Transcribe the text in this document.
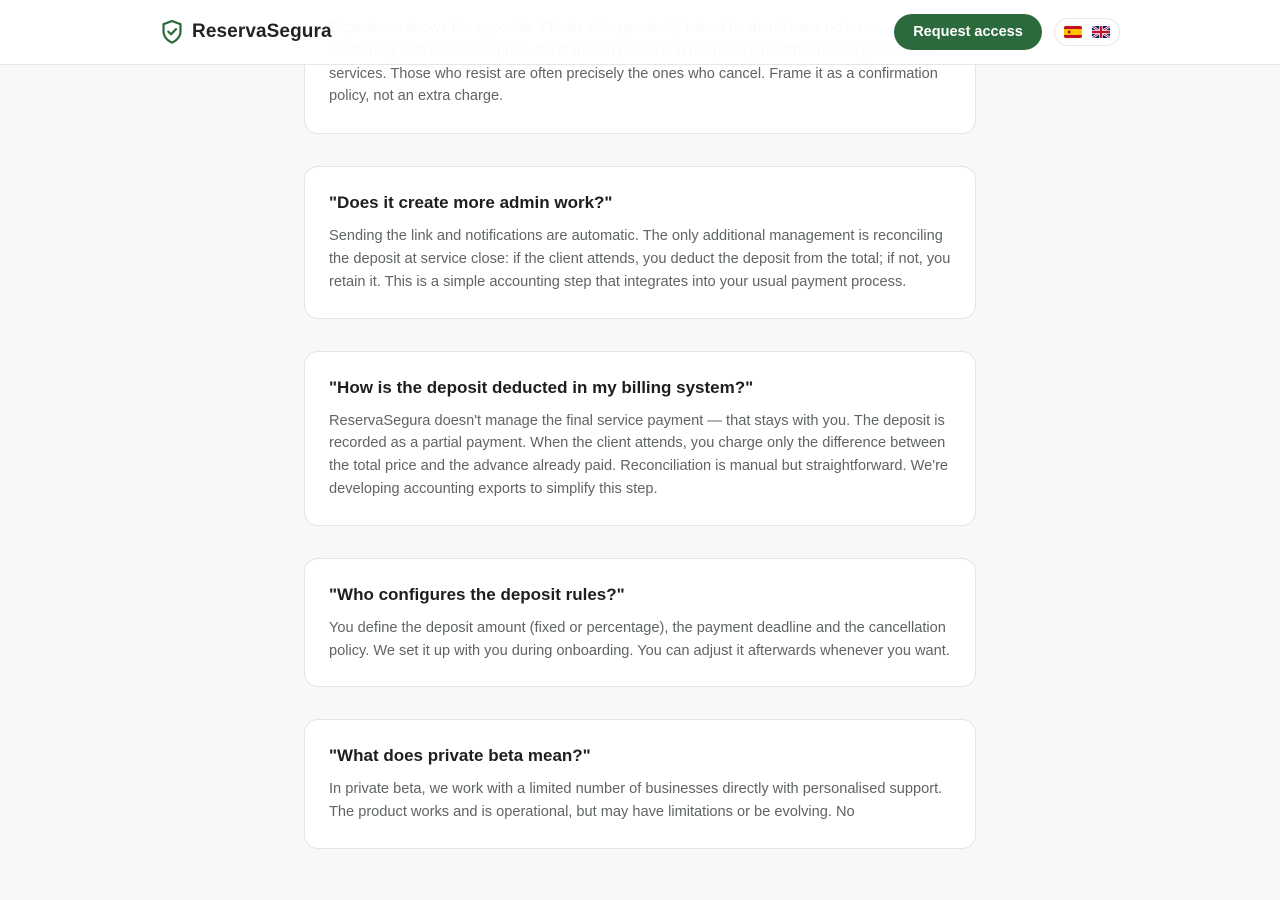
services. Those who resist are often precisely the ones who cancel. Frame it as a confirmation policy, not an extra charge.

"Does it create more admin work?"

Sending the link and notifications are automatic. The only additional management is reconciling the deposit at service close: if the client attends, you deduct the deposit from the total; if not, you retain it. This is a simple accounting step that integrates into your usual payment process.

"How is the deposit deducted in my billing system?"

ReservaSegura doesn't manage the final service payment — that stays with you. The deposit is recorded as a partial payment. When the client attends, you charge only the difference between the total price and the advance already paid. Reconciliation is manual but straightforward. We're developing accounting exports to simplify this step.

"Who configures the deposit rules?"

You define the deposit amount (fixed or percentage), the payment deadline and the cancellation policy. We set it up with you during onboarding. You can adjust it afterwards whenever you want.

"What does private beta mean?"

In private beta, we work with a limited number of businesses directly with personalised support. The product works and is operational, but may have limitations or be evolving. No

ReservaSegura	Request access
